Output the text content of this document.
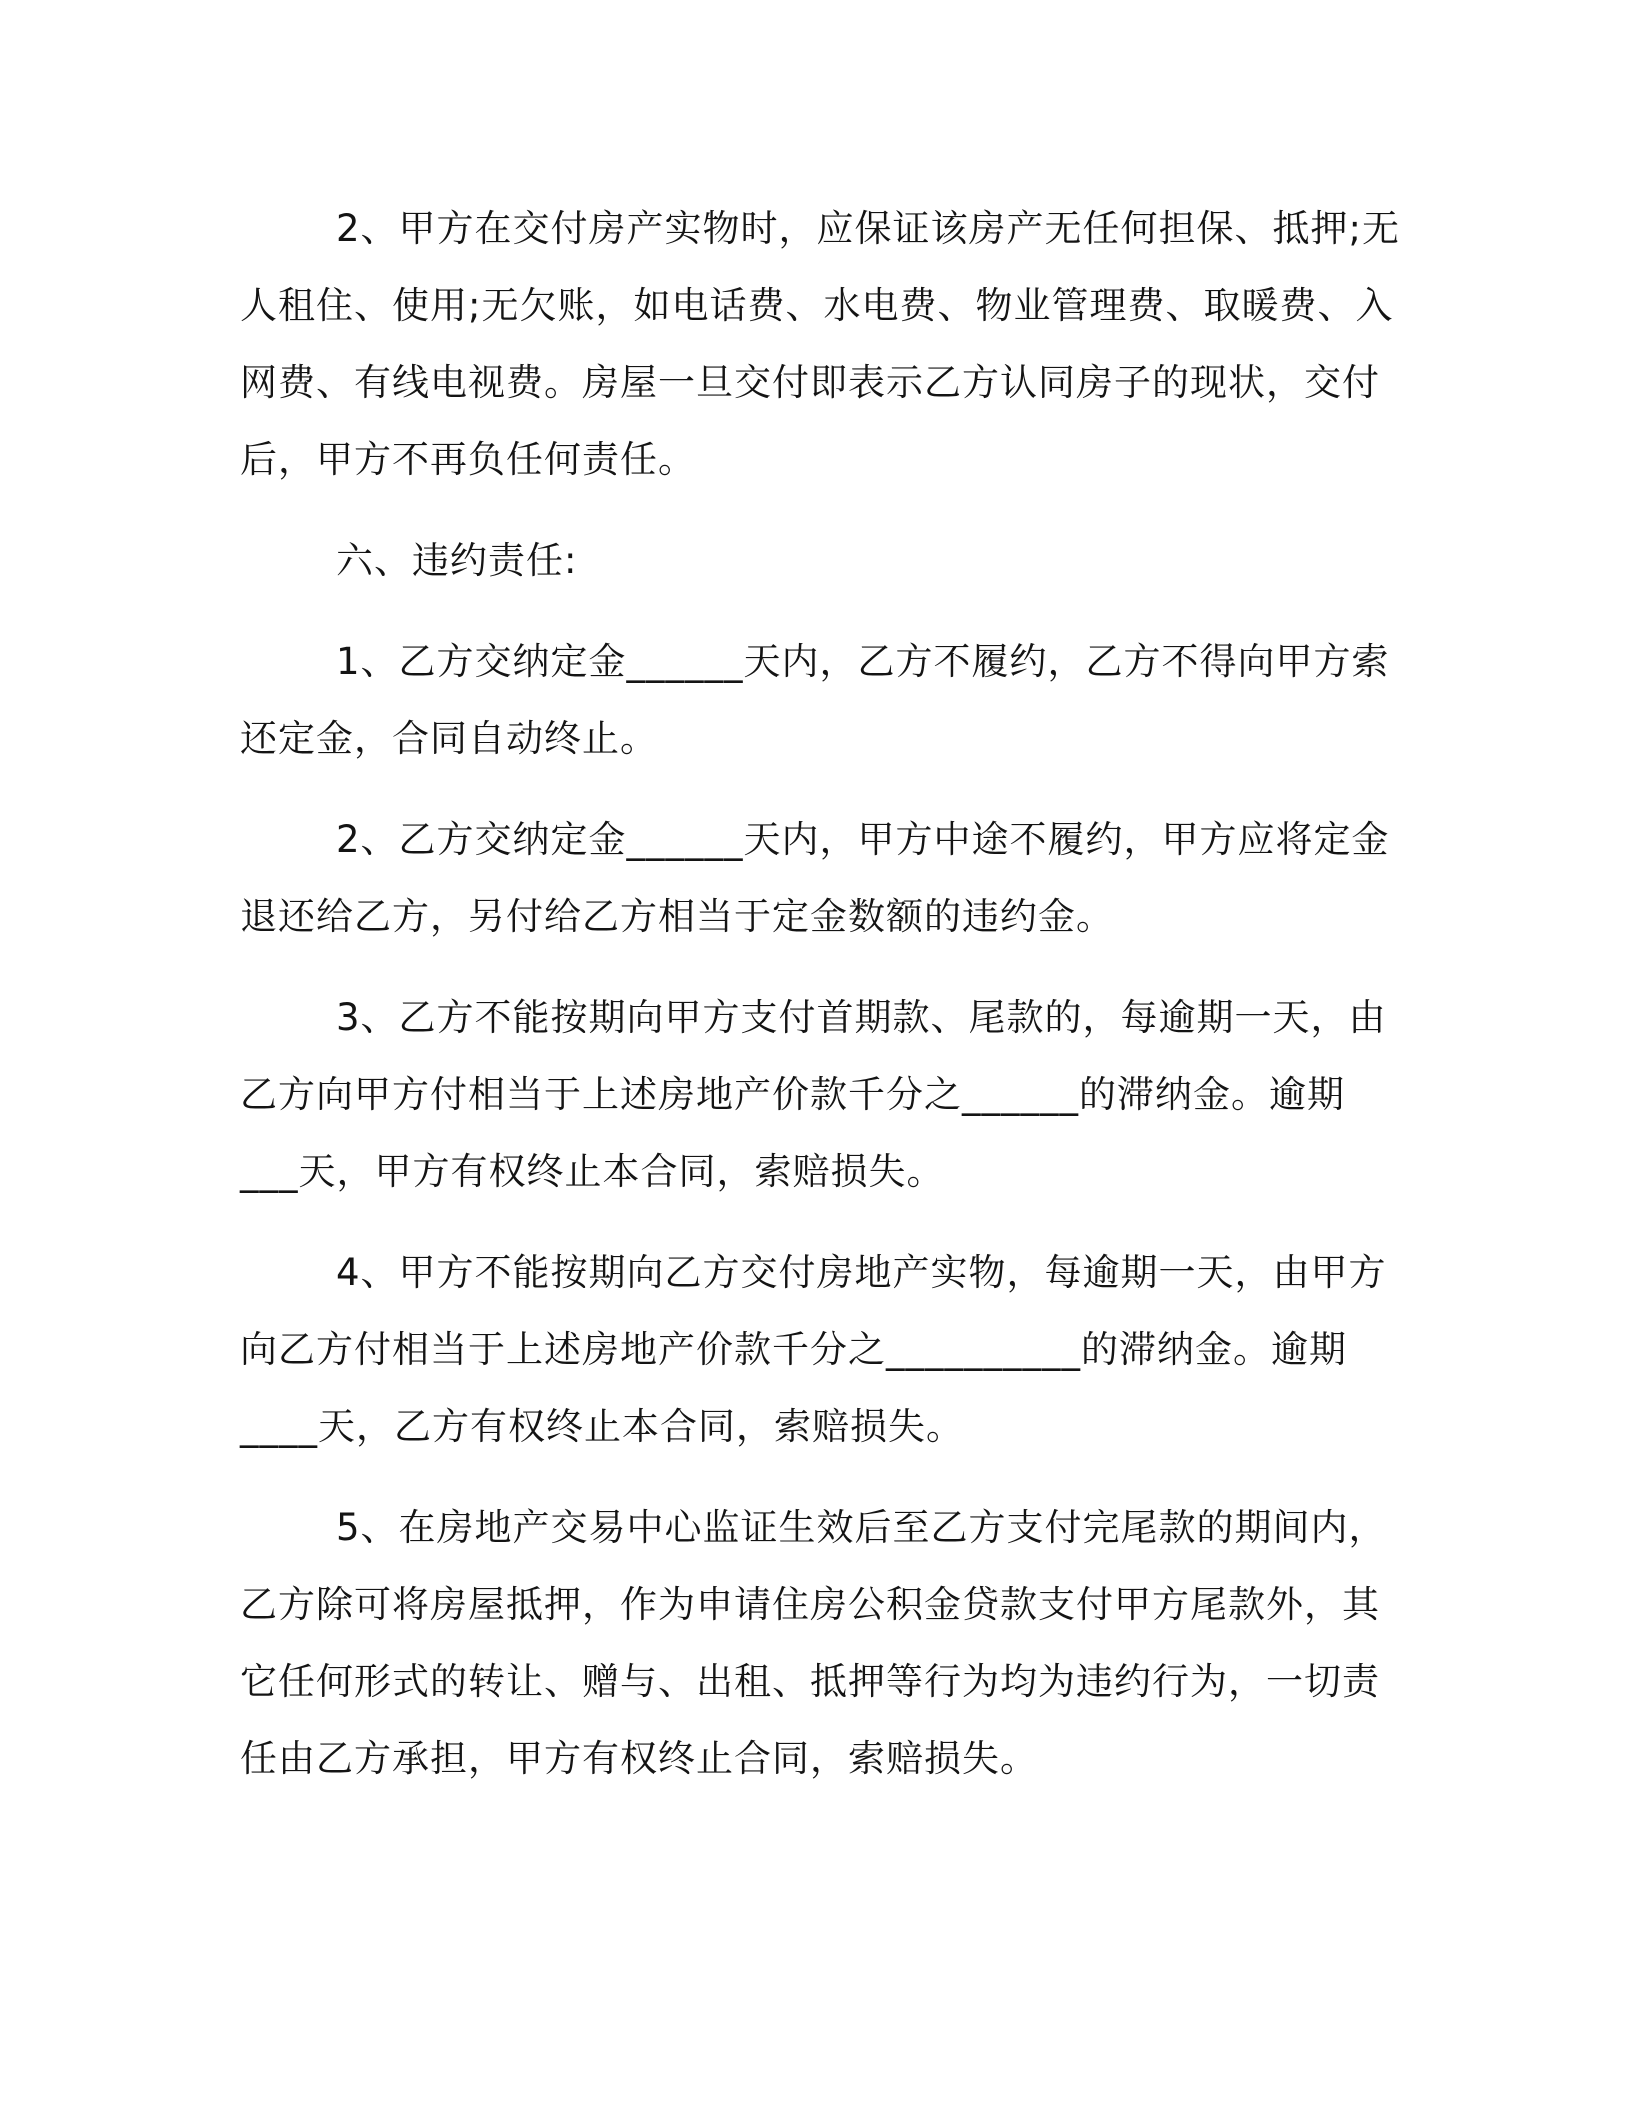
2、甲方在交付房产实物时，应保证该房产无任何担保、抵押;无
人租住、使用;无欠账，如电话费、水电费、物业管理费、取暖费、入
网费、有线电视费。房屋一旦交付即表示乙方认同房子的现状，交付
后，甲方不再负任何责任。
六、违约责任:
1、乙方交纳定金______天内，乙方不履约，乙方不得向甲方索
还定金，合同自动终止。
2、乙方交纳定金______天内，甲方中途不履约，甲方应将定金
退还给乙方，另付给乙方相当于定金数额的违约金。
3、乙方不能按期向甲方支付首期款、尾款的，每逾期一天，由
乙方向甲方付相当于上述房地产价款千分之______的滞纳金。逾期
___天，甲方有权终止本合同，索赔损失。
4、甲方不能按期向乙方交付房地产实物，每逾期一天，由甲方
向乙方付相当于上述房地产价款千分之__________的滞纳金。逾期
____天，乙方有权终止本合同，索赔损失。
5、在房地产交易中心监证生效后至乙方支付完尾款的期间内，
乙方除可将房屋抵押，作为申请住房公积金贷款支付甲方尾款外，其
它任何形式的转让、赠与、出租、抵押等行为均为违约行为，一切责
任由乙方承担，甲方有权终止合同，索赔损失。
